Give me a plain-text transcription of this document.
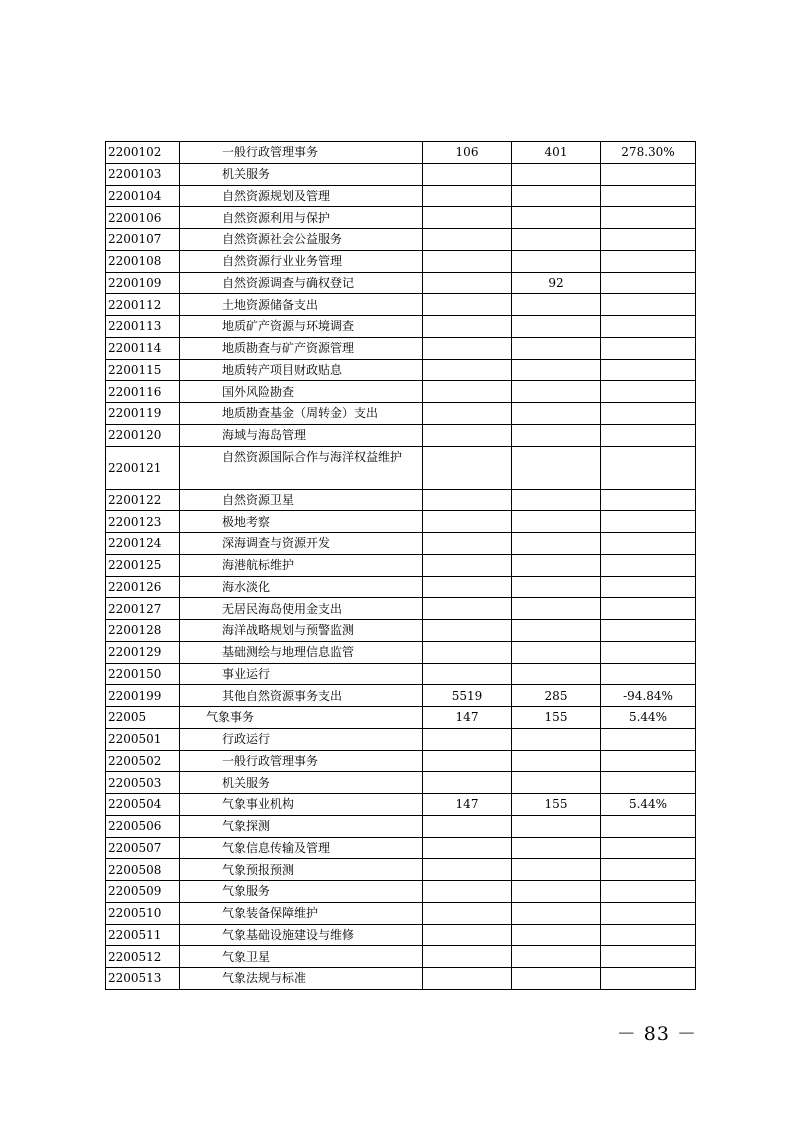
2200102	一般行政管理事务	106	401	278.30%
2200103	机关服务			
2200104	自然资源规划及管理			
2200106	自然资源利用与保护			
2200107	自然资源社会公益服务			
2200108	自然资源行业业务管理			
2200109	自然资源调查与确权登记		92	
2200112	土地资源储备支出			
2200113	地质矿产资源与环境调查			
2200114	地质勘查与矿产资源管理			
2200115	地质转产项目财政贴息			
2200116	国外风险勘查			
2200119	地质勘查基金（周转金）支出			
2200120	海域与海岛管理			
2200121	自然资源国际合作与海洋权益维护			

2200122	自然资源卫星			
2200123	极地考察			
2200124	深海调查与资源开发			
2200125	海港航标维护			
2200126	海水淡化			
2200127	无居民海岛使用金支出			
2200128	海洋战略规划与预警监测			
2200129	基础测绘与地理信息监管			
2200150	事业运行			
2200199	其他自然资源事务支出	5519	285	-94.84%
22005	气象事务	147	155	5.44%
2200501	行政运行			
2200502	一般行政管理事务			
2200503	机关服务			
2200504	气象事业机构	147	155	5.44%
2200506	气象探测			
2200507	气象信息传输及管理			
2200508	气象预报预测			
2200509	气象服务			
2200510	气象装备保障维护			
2200511	气象基础设施建设与维修			
2200512	气象卫星			
2200513	气象法规与标准			
－ 83 －
